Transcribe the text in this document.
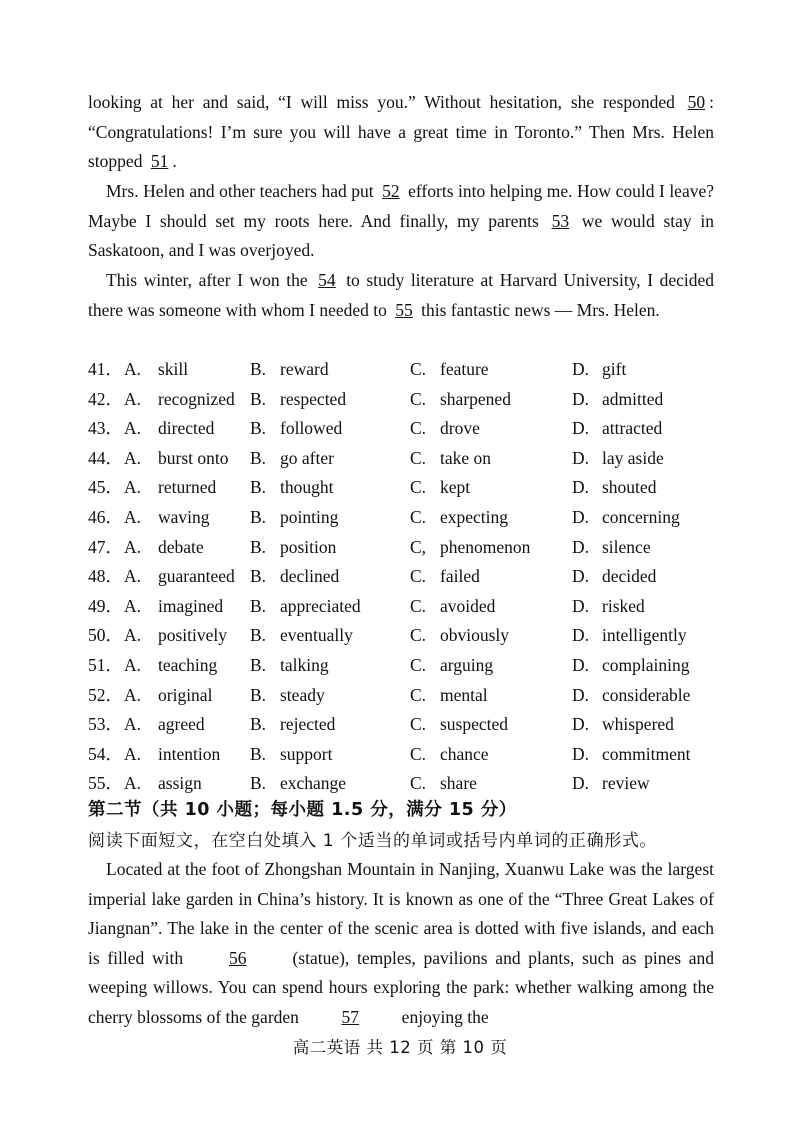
looking at her and said, “I will miss you.” Without hesitation, she responded 50 : “Congratulations! I’m sure you will have a great time in Toronto.” Then Mrs. Helen stopped 51 .

Mrs. Helen and other teachers had put 52 efforts into helping me. How could I leave? Maybe I should set my roots here. And finally, my parents 53 we would stay in Saskatoon, and I was overjoyed.

This winter, after I won the 54 to study literature at Harvard University, I decided there was someone with whom I needed to 55 this fantastic news — Mrs. Helen.

41． A. skill	B. reward	C. feature	D. gift
42． A. recognized B. respected	C. sharpened	D. admitted
43． A. directed B. followed	C. drove	D. attracted
44． A. burst onto B. go after	C. take on	D. lay aside
45． A. returned B. thought	C. kept	D. shouted
46． A. waving B. pointing	C. expecting	D. concerning
47． A. debate	B. position	C, phenomenon D. silence
48． A. guaranteed B. declined	C. failed	D. decided
49． A. imagined B. appreciated	C. avoided	D. risked
50． A. positively B. eventually	C. obviously	D. intelligently
51． A. teaching B. talking	C. arguing	D. complaining
52． A. original B. steady	C. mental	D. considerable
53． A. agreed	B. rejected	C. suspected	D. whispered
54． A. intention B. support	C. chance	D. commitment
55． A. assign	B. exchange	C. share	D. review
第二节（共 10 小题；每小题 1.5 分，满分 15 分）
阅读下面短文，在空白处填入 1 个适当的单词或括号内单词的正确形式。

Located at the foot of Zhongshan Mountain in Nanjing, Xuanwu Lake was the largest imperial lake garden in China’s history. It is known as one of the “Three Great Lakes of Jiangnan”. The lake in the center of the scenic area is dotted with five islands, and each is filled with 56 (statue), temples, pavilions and plants, such as pines and weeping willows. You can spend hours exploring the park: whether walking among the cherry blossoms of the garden 57 enjoying the

高二英语 共 12 页 第 10 页
